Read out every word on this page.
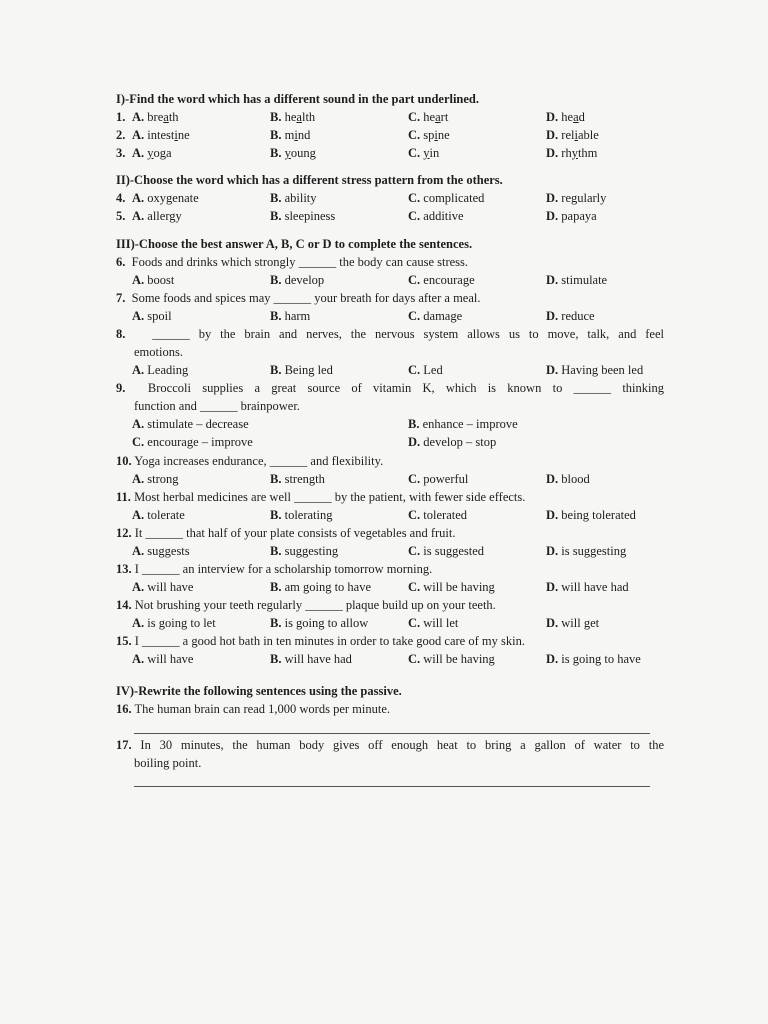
I)-Find the word which has a different sound in the part underlined.
1. A. breath	B. health	C. heart	D. head
2. A. intestine	B. mind	C. spine	D. reliable
3. A. yoga	B. young	C. yin	D. rhythm
II)-Choose the word which has a different stress pattern from the others.
4. A. oxygenate	B. ability	C. complicated	D. regularly
5. A. allergy	B. sleepiness	C. additive	D. papaya
III)-Choose the best answer A, B, C or D to complete the sentences.
6. Foods and drinks which strongly ______ the body can cause stress.
A. boost	B. develop	C. encourage	D. stimulate
7. Some foods and spices may ______ your breath for days after a meal.
A. spoil	B. harm	C. damage	D. reduce
8. ______ by the brain and nerves, the nervous system allows us to move, talk, and feel
emotions.
A. Leading	B. Being led	C. Led	D. Having been led
9. Broccoli supplies a great source of vitamin K, which is known to ______ thinking
function and ______ brainpower.
A. stimulate – decrease	B. enhance – improve
C. encourage – improve	D. develop – stop
10. Yoga increases endurance, ______ and flexibility.
A. strong	B. strength	C. powerful	D. blood
11. Most herbal medicines are well ______ by the patient, with fewer side effects.
A. tolerate	B. tolerating	C. tolerated	D. being tolerated
12. It ______ that half of your plate consists of vegetables and fruit.
A. suggests	B. suggesting	C. is suggested	D. is suggesting
13. I ______ an interview for a scholarship tomorrow morning.
A. will have	B. am going to have	C. will be having	D. will have had
14. Not brushing your teeth regularly ______ plaque build up on your teeth.
A. is going to let	B. is going to allow	C. will let	D. will get
15. I ______ a good hot bath in ten minutes in order to take good care of my skin.
A. will have	B. will have had	C. will be having	D. is going to have
IV)-Rewrite the following sentences using the passive.
16. The human brain can read 1,000 words per minute.
17. In 30 minutes, the human body gives off enough heat to bring a gallon of water to the
boiling point.
